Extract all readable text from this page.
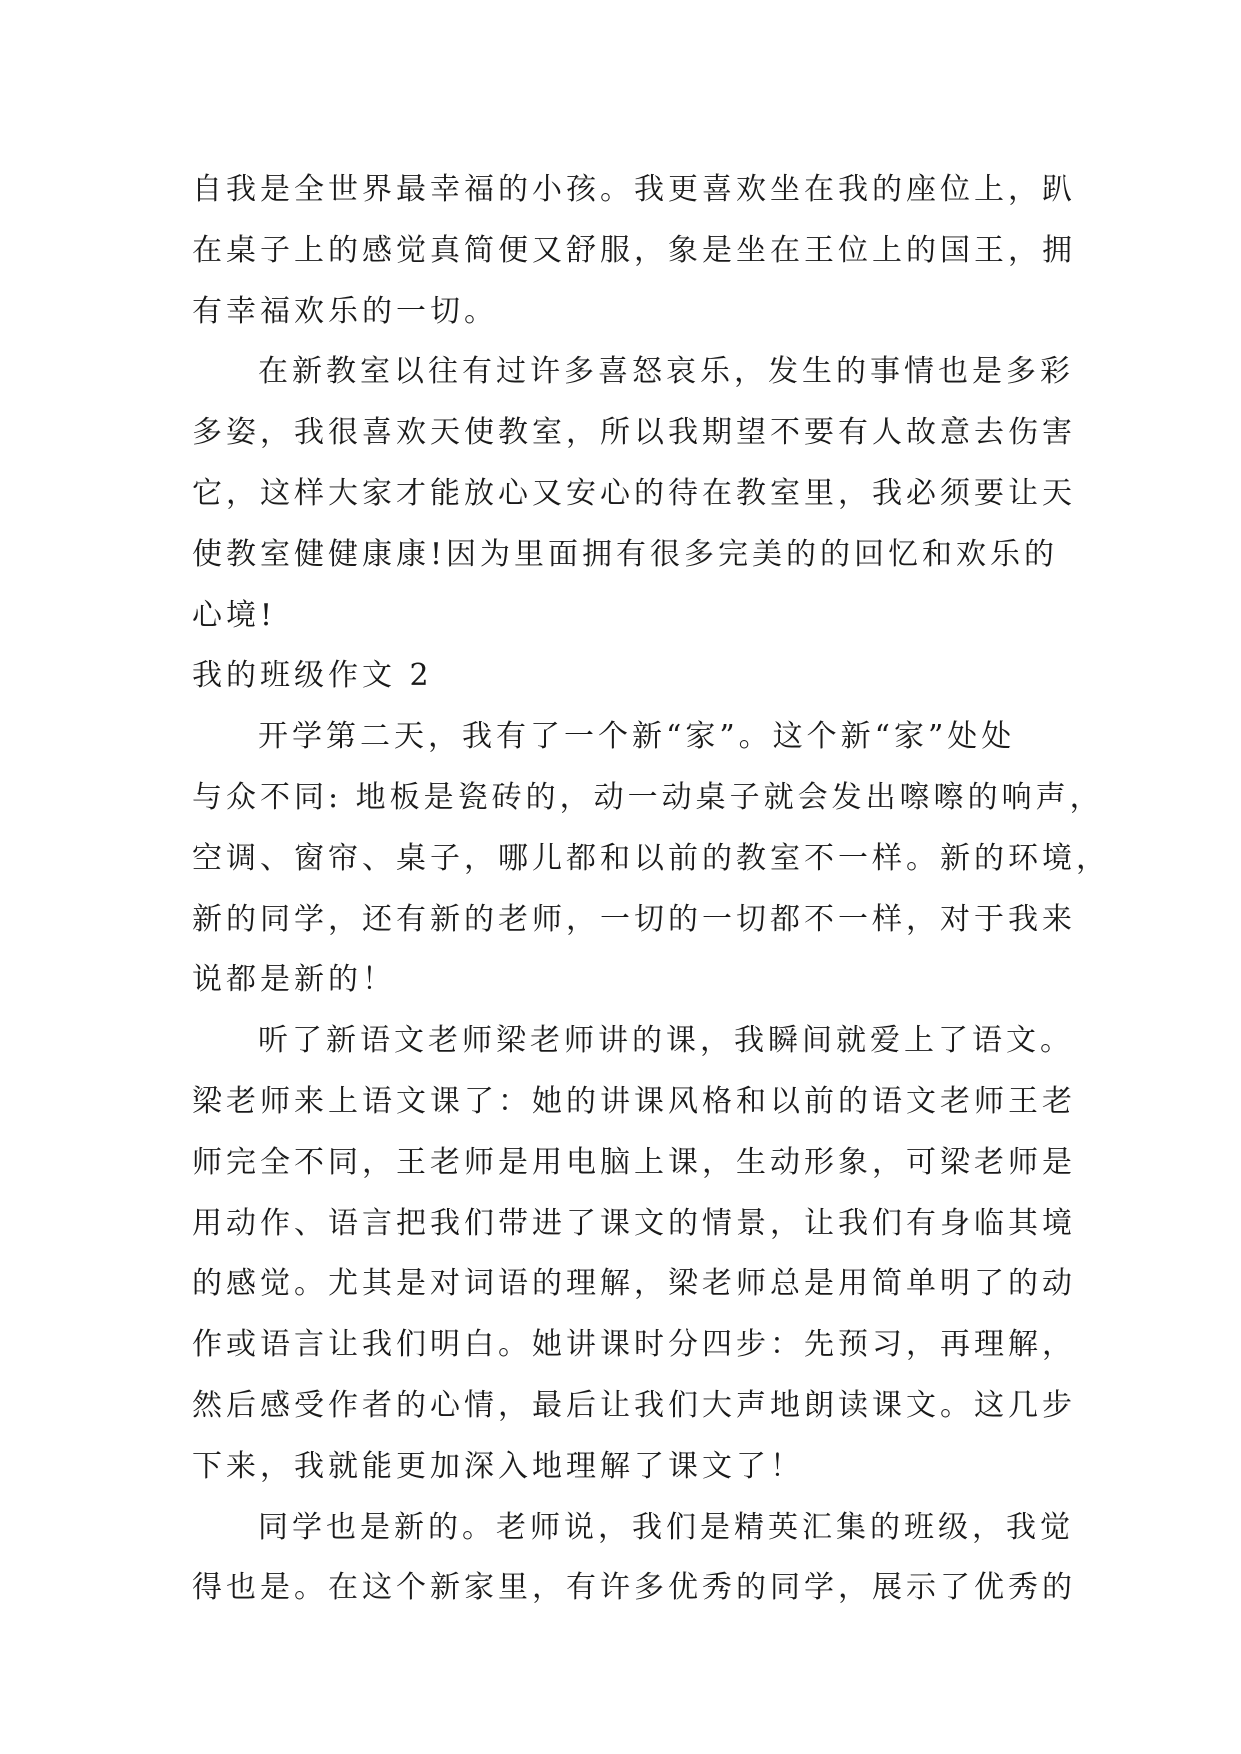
自我是全世界最幸福的小孩。我更喜欢坐在我的座位上，趴
在桌子上的感觉真简便又舒服，象是坐在王位上的国王，拥
有幸福欢乐的一切。
在新教室以往有过许多喜怒哀乐，发生的事情也是多彩
多姿，我很喜欢天使教室，所以我期望不要有人故意去伤害
它，这样大家才能放心又安心的待在教室里，我必须要让天
使教室健健康康!因为里面拥有很多完美的的回忆和欢乐的
心境!
我的班级作文 2
开学第二天，我有了一个新“家”。这个新“家”处处
与众不同: 地板是瓷砖的，动一动桌子就会发出嚓嚓的响声，
空调、窗帘、桌子，哪儿都和以前的教室不一样。新的环境，
新的同学，还有新的老师，一切的一切都不一样，对于我来
说都是新的！
听了新语文老师梁老师讲的课，我瞬间就爱上了语文。
梁老师来上语文课了：她的讲课风格和以前的语文老师王老
师完全不同，王老师是用电脑上课，生动形象，可梁老师是
用动作、语言把我们带进了课文的情景，让我们有身临其境
的感觉。尤其是对词语的理解，梁老师总是用简单明了的动
作或语言让我们明白。她讲课时分四步：先预习，再理解，
然后感受作者的心情，最后让我们大声地朗读课文。这几步
下来，我就能更加深入地理解了课文了！
同学也是新的。老师说，我们是精英汇集的班级，我觉
得也是。在这个新家里，有许多优秀的同学，展示了优秀的
